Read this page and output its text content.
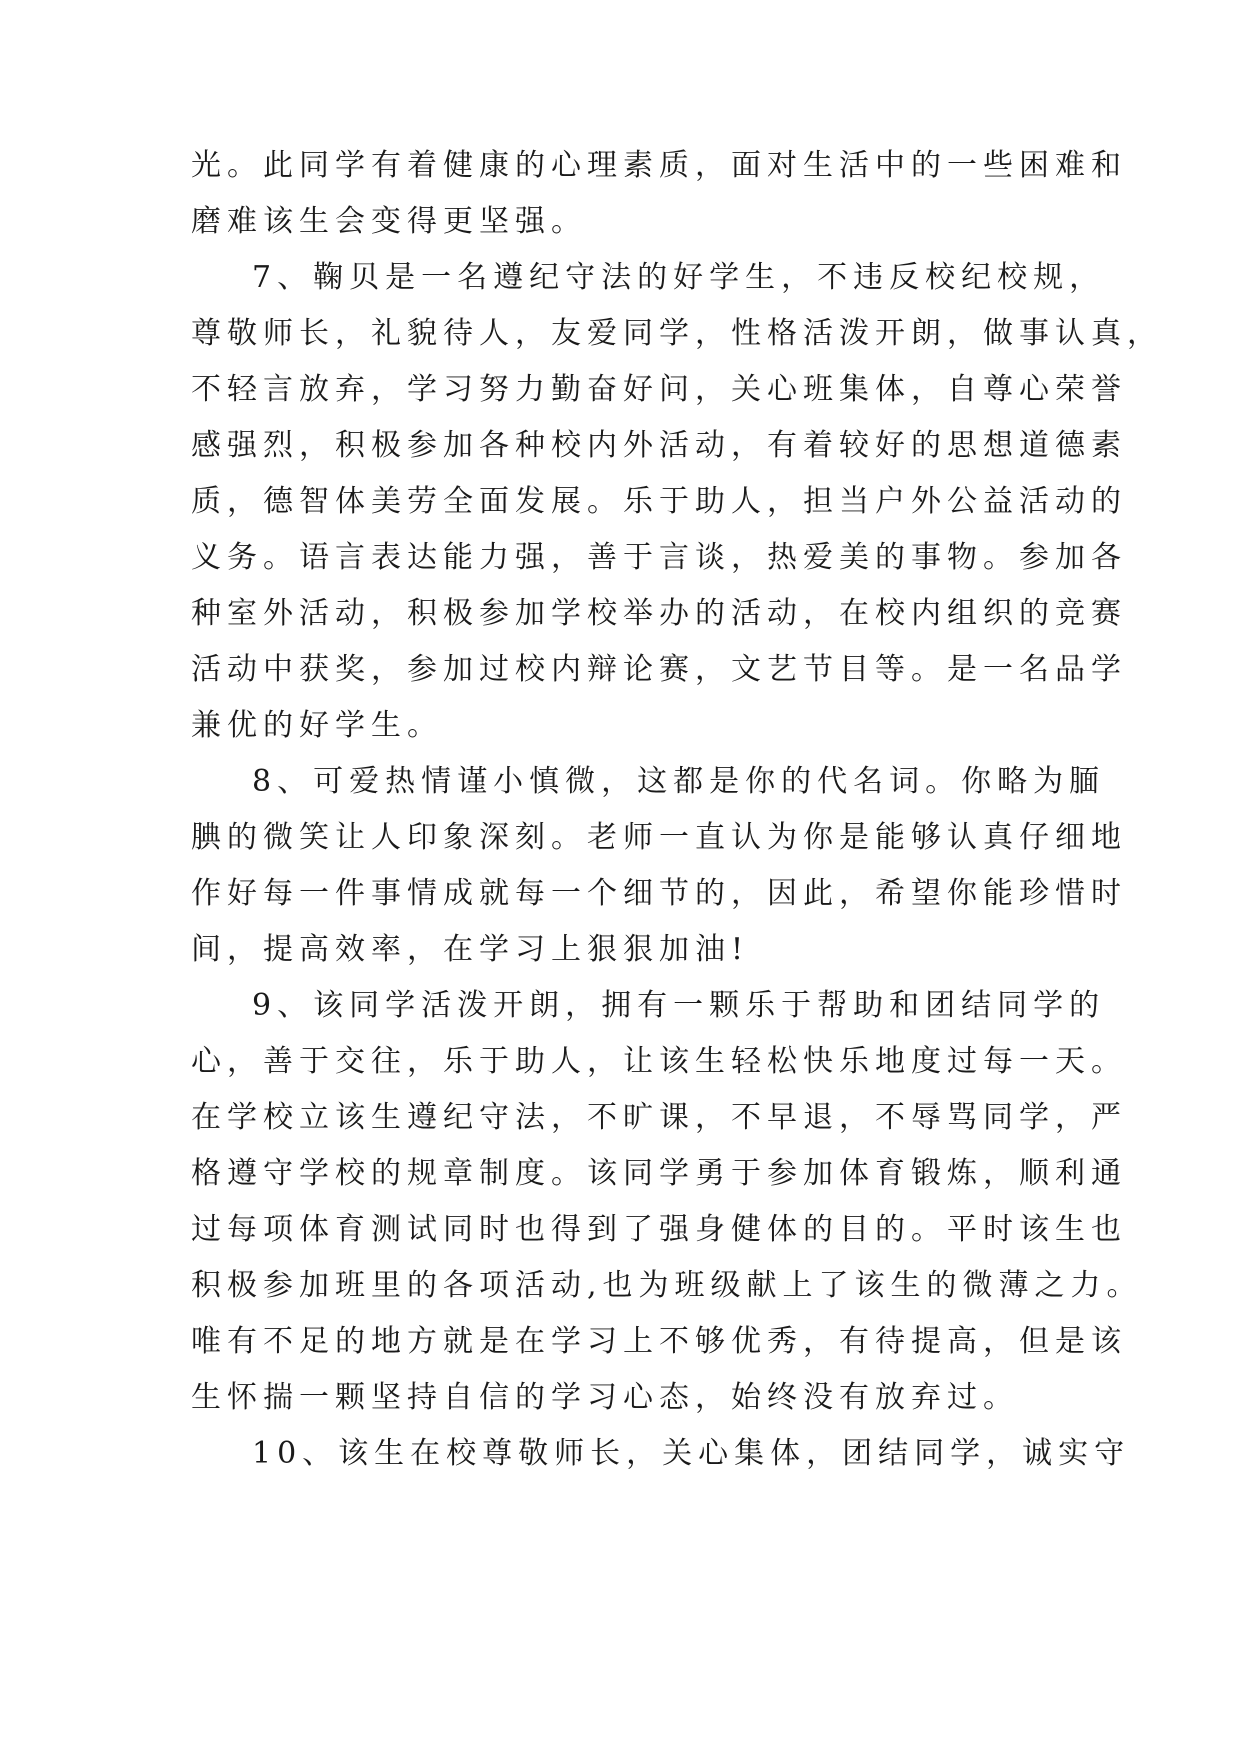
光。此同学有着健康的心理素质，面对生活中的一些困难和
磨难该生会变得更坚强。
7、鞠贝是一名遵纪守法的好学生，不违反校纪校规，
尊敬师长，礼貌待人，友爱同学，性格活泼开朗，做事认真，
不轻言放弃，学习努力勤奋好问，关心班集体，自尊心荣誉
感强烈，积极参加各种校内外活动，有着较好的思想道德素
质，德智体美劳全面发展。乐于助人，担当户外公益活动的
义务。语言表达能力强，善于言谈，热爱美的事物。参加各
种室外活动，积极参加学校举办的活动，在校内组织的竞赛
活动中获奖，参加过校内辩论赛，文艺节目等。是一名品学
兼优的好学生。
8、可爱热情谨小慎微，这都是你的代名词。你略为腼
腆的微笑让人印象深刻。老师一直认为你是能够认真仔细地
作好每一件事情成就每一个细节的，因此，希望你能珍惜时
间，提高效率，在学习上狠狠加油!
9、该同学活泼开朗，拥有一颗乐于帮助和团结同学的
心，善于交往，乐于助人，让该生轻松快乐地度过每一天。
在学校立该生遵纪守法，不旷课，不早退，不辱骂同学，严
格遵守学校的规章制度。该同学勇于参加体育锻炼，顺利通
过每项体育测试同时也得到了强身健体的目的。平时该生也
积极参加班里的各项活动,也为班级献上了该生的微薄之力。
唯有不足的地方就是在学习上不够优秀，有待提高，但是该
生怀揣一颗坚持自信的学习心态，始终没有放弃过。
10、该生在校尊敬师长，关心集体，团结同学，诚实守
